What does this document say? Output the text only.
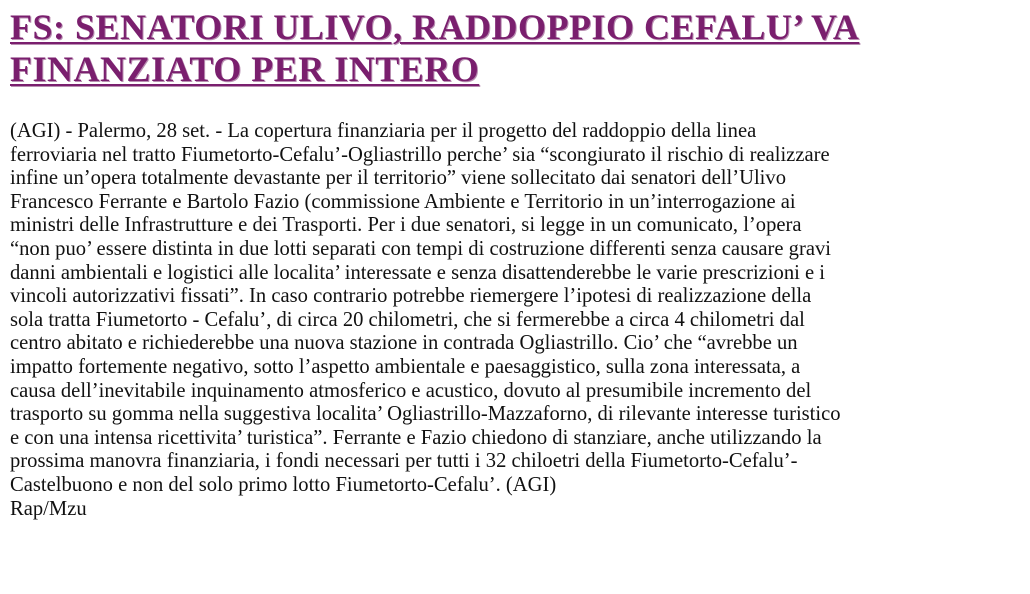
FS: SENATORI ULIVO, RADDOPPIO CEFALU’ VA
FINANZIATO PER INTERO
(AGI) - Palermo, 28 set. - La copertura finanziaria per il progetto del raddoppio della linea
ferroviaria nel tratto Fiumetorto-Cefalu’-Ogliastrillo perche’ sia “scongiurato il rischio di realizzare
infine un’opera totalmente devastante per il territorio” viene sollecitato dai senatori dell’Ulivo
Francesco Ferrante e Bartolo Fazio (commissione Ambiente e Territorio in un’interrogazione ai
ministri delle Infrastrutture e dei Trasporti. Per i due senatori, si legge in un comunicato, l’opera
“non puo’ essere distinta in due lotti separati con tempi di costruzione differenti senza causare gravi
danni ambientali e logistici alle localita’ interessate e senza disattenderebbe le varie prescrizioni e i
vincoli autorizzativi fissati”. In caso contrario potrebbe riemergere l’ipotesi di realizzazione della
sola tratta Fiumetorto - Cefalu’, di circa 20 chilometri, che si fermerebbe a circa 4 chilometri dal
centro abitato e richiederebbe una nuova stazione in contrada Ogliastrillo. Cio’ che “avrebbe un
impatto fortemente negativo, sotto l’aspetto ambientale e paesaggistico, sulla zona interessata, a
causa dell’inevitabile inquinamento atmosferico e acustico, dovuto al presumibile incremento del
trasporto su gomma nella suggestiva localita’ Ogliastrillo-Mazzaforno, di rilevante interesse turistico
e con una intensa ricettivita’ turistica”. Ferrante e Fazio chiedono di stanziare, anche utilizzando la
prossima manovra finanziaria, i fondi necessari per tutti i 32 chiloetri della Fiumetorto-Cefalu’-
Castelbuono e non del solo primo lotto Fiumetorto-Cefalu’. (AGI)
Rap/Mzu
